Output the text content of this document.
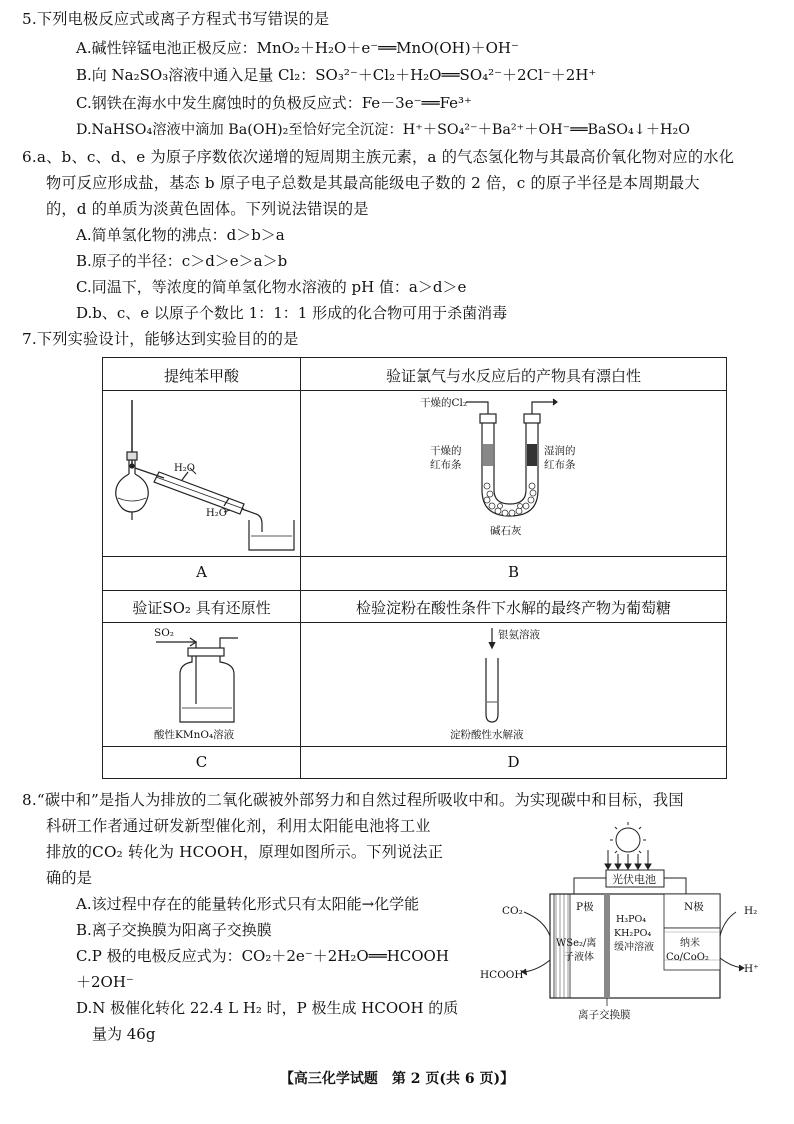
5.下列电极反应式或离子方程式书写错误的是
A.碱性锌锰电池正极反应：MnO₂＋H₂O＋e⁻══MnO(OH)＋OH⁻
B.向 Na₂SO₃溶液中通入足量 Cl₂：SO₃²⁻＋Cl₂＋H₂O══SO₄²⁻＋2Cl⁻＋2H⁺
C.钢铁在海水中发生腐蚀时的负极反应式：Fe－3e⁻══Fe³⁺
D.NaHSO₄溶液中滴加 Ba(OH)₂至恰好完全沉淀：H⁺＋SO₄²⁻＋Ba²⁺＋OH⁻══BaSO₄↓＋H₂O
6.a、b、c、d、e 为原子序数依次递增的短周期主族元素，a 的气态氢化物与其最高价氧化物对应的水化
物可反应形成盐，基态 b 原子电子总数是其最高能级电子数的 2 倍，c 的原子半径是本周期最大
的，d 的单质为淡黄色固体。下列说法错误的是
A.简单氢化物的沸点：d＞b＞a
B.原子的半径：c＞d＞e＞a＞b
C.同温下，等浓度的简单氢化物水溶液的 pH 值：a＞d＞e
D.b、c、e 以原子个数比 1：1：1 形成的化合物可用于杀菌消毒
7.下列实验设计，能够达到实验目的的是
提纯苯甲酸	验证氯气与水反应后的产物具有漂白性
A	B
验证SO₂ 具有还原性	检验淀粉在酸性条件下水解的最终产物为葡萄糖
C	D
H₂O
H₂O
干燥的Cl₂
干燥的
红布条
湿润的
红布条
碱石灰
SO₂
酸性KMnO₄溶液
银氨溶液
淀粉酸性水解液
8.“碳中和”是指人为排放的二氧化碳被外部努力和自然过程所吸收中和。为实现碳中和目标，我国
科研工作者通过研发新型催化剂，利用太阳能电池将工业
排放的CO₂ 转化为 HCOOH，原理如图所示。下列说法正
确的是
A.该过程中存在的能量转化形式只有太阳能→化学能
B.离子交换膜为阳离子交换膜
C.P 极的电极反应式为：CO₂＋2e⁻＋2H₂O══HCOOH
＋2OH⁻
D.N 极催化转化 22.4 L H₂ 时，P 极生成 HCOOH 的质
量为 46g
光伏电池
P极	N极
WSe₂/离
子液体
H₃PO₄
KH₂PO₄
缓冲溶液	纳米
Co/CoO₂
CO₂
HCOOH
H₂
H⁺
离子交换膜
【高三化学试题　第 2 页(共 6 页)】
